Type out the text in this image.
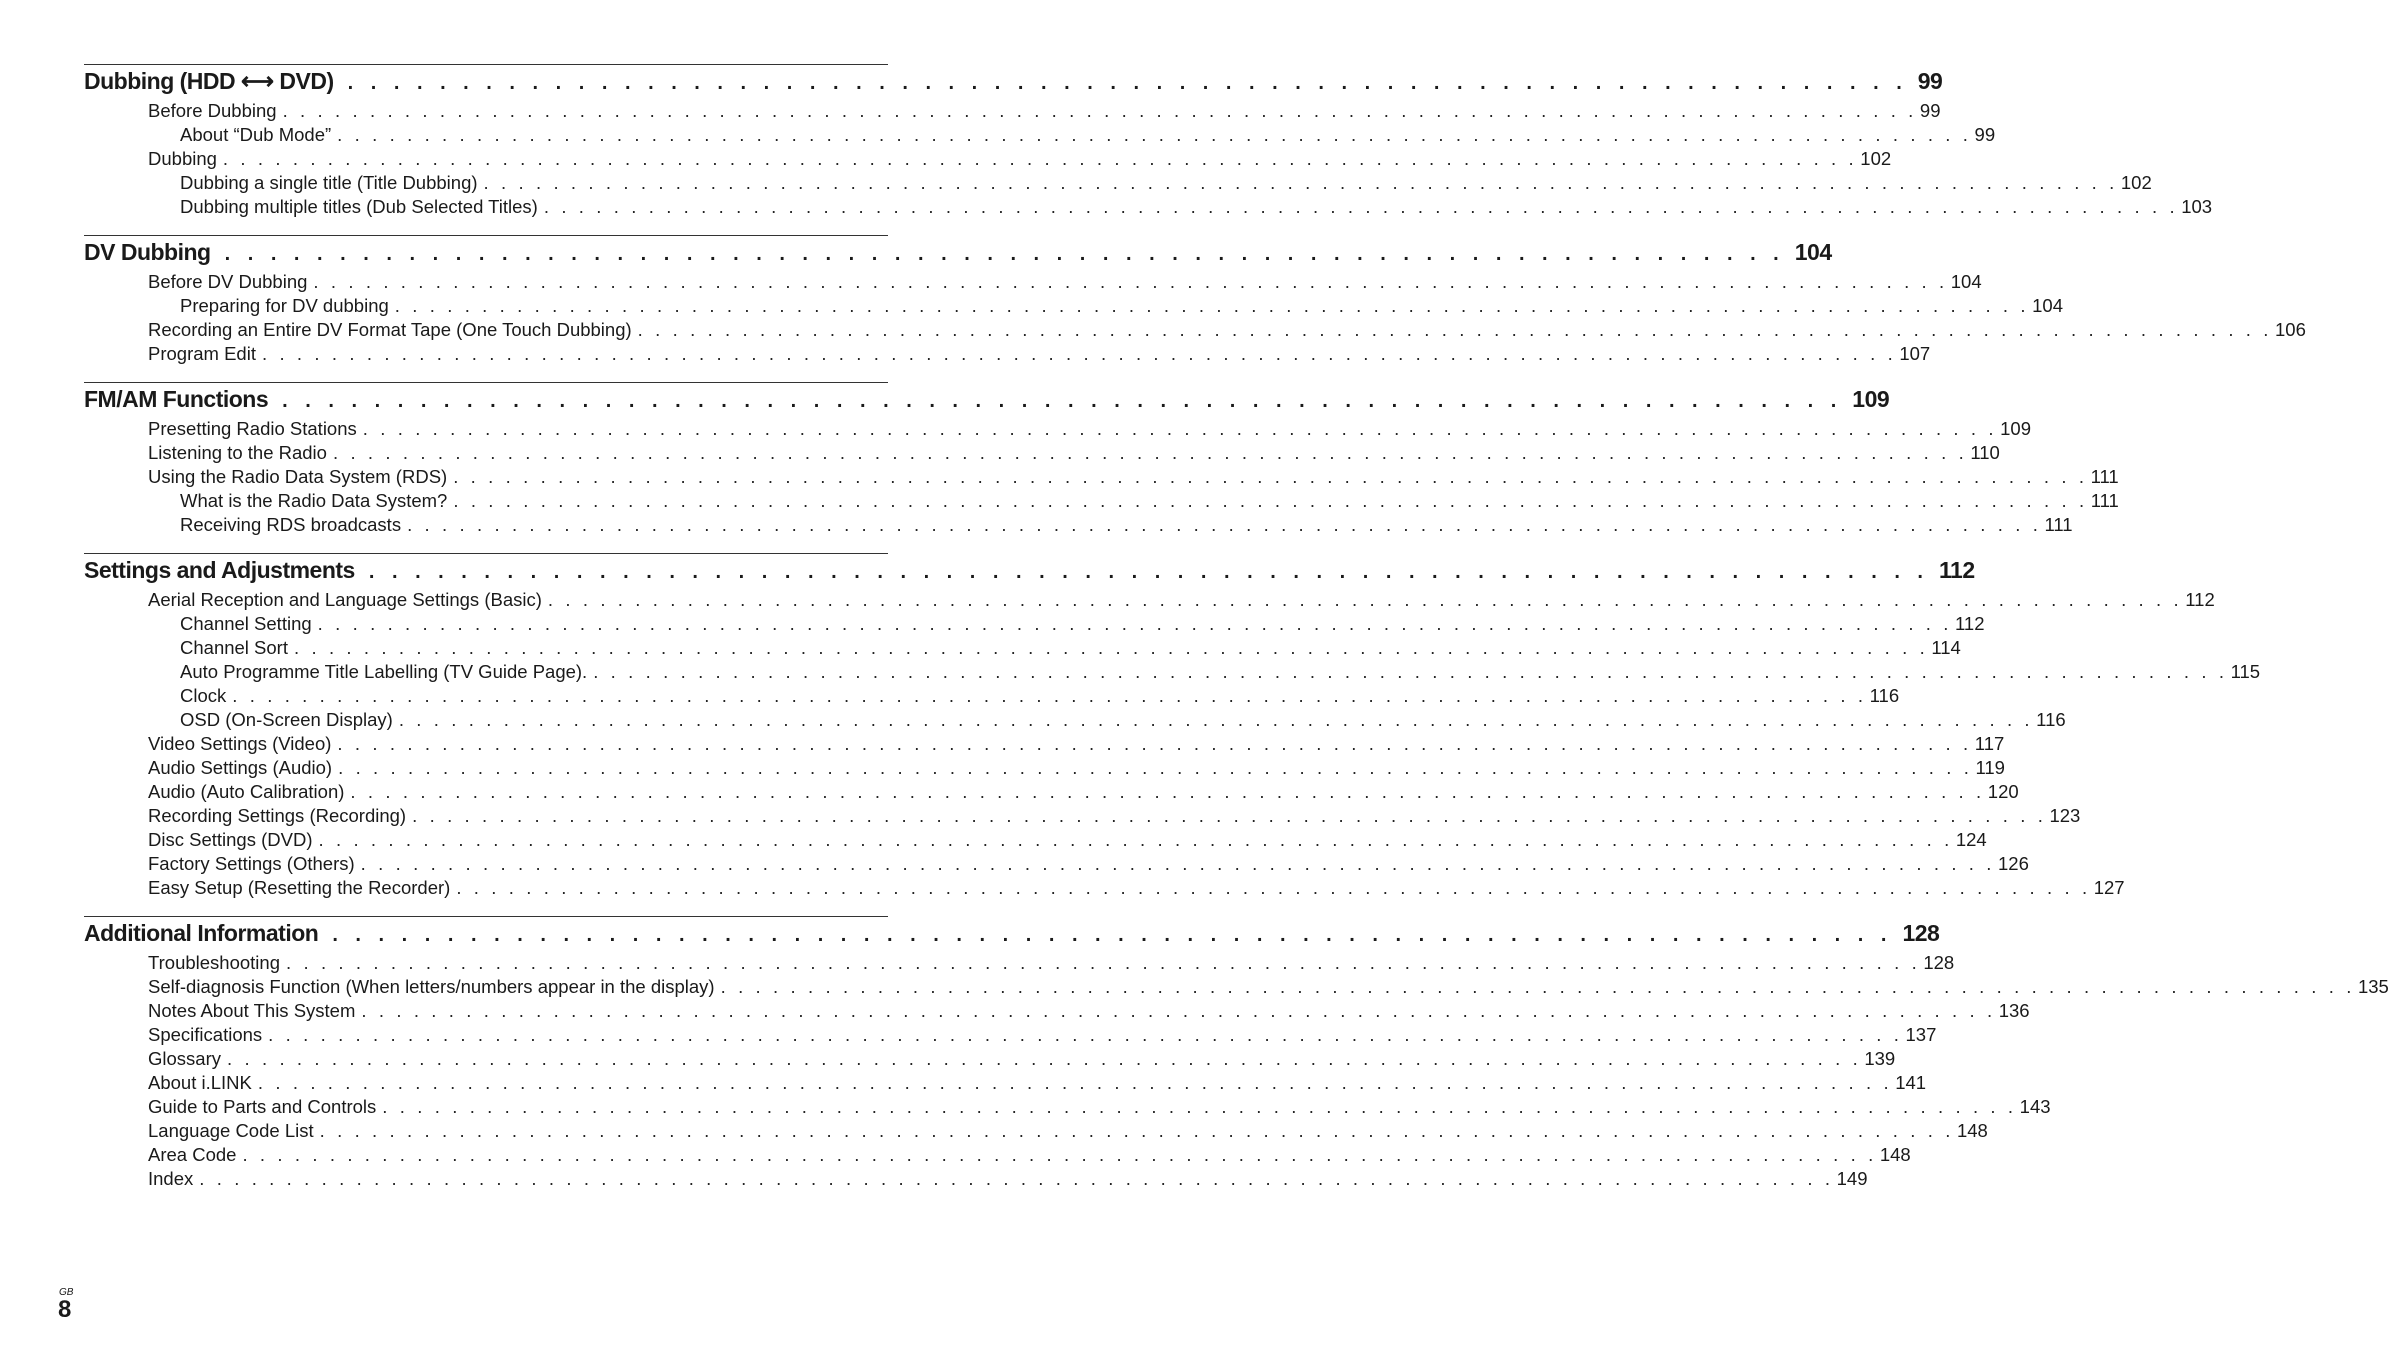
Dubbing (HDD ⟷ DVD) . . . . . . . . . . . . . . . . . . . . . . . . . . . . . . . . . . . . . . . . . . . . . . . . . . . . . . . . . . . . . . . . . . . . 99
Before Dubbing . . . . . . . . . . . . . . . . . . . . . . . . . . . . . . . . . . . . . . . . . . . . . . . . . . . . . . . . . . . . . . . . . . . . . . . . . . . . . . . . . . . . . . . . . . . . . . 99
About “Dub Mode” . . . . . . . . . . . . . . . . . . . . . . . . . . . . . . . . . . . . . . . . . . . . . . . . . . . . . . . . . . . . . . . . . . . . . . . . . . . . . . . . . . . . . . . . . . . . . . 99
Dubbing . . . . . . . . . . . . . . . . . . . . . . . . . . . . . . . . . . . . . . . . . . . . . . . . . . . . . . . . . . . . . . . . . . . . . . . . . . . . . . . . . . . . . . . . . . . . . . 102
Dubbing a single title (Title Dubbing) . . . . . . . . . . . . . . . . . . . . . . . . . . . . . . . . . . . . . . . . . . . . . . . . . . . . . . . . . . . . . . . . . . . . . . . . . . . . . . . . . . . . . . . . . . . . . . 102
Dubbing multiple titles (Dub Selected Titles) . . . . . . . . . . . . . . . . . . . . . . . . . . . . . . . . . . . . . . . . . . . . . . . . . . . . . . . . . . . . . . . . . . . . . . . . . . . . . . . . . . . . . . . . . . . . . . 103
DV Dubbing . . . . . . . . . . . . . . . . . . . . . . . . . . . . . . . . . . . . . . . . . . . . . . . . . . . . . . . . . . . . . . . . . . . . 104
Before DV Dubbing . . . . . . . . . . . . . . . . . . . . . . . . . . . . . . . . . . . . . . . . . . . . . . . . . . . . . . . . . . . . . . . . . . . . . . . . . . . . . . . . . . . . . . . . . . . . . . 104
Preparing for DV dubbing . . . . . . . . . . . . . . . . . . . . . . . . . . . . . . . . . . . . . . . . . . . . . . . . . . . . . . . . . . . . . . . . . . . . . . . . . . . . . . . . . . . . . . . . . . . . . . 104
Recording an Entire DV Format Tape (One Touch Dubbing) . . . . . . . . . . . . . . . . . . . . . . . . . . . . . . . . . . . . . . . . . . . . . . . . . . . . . . . . . . . . . . . . . . . . . . . . . . . . . . . . . . . . . . . . . . . . . . 106
Program Edit . . . . . . . . . . . . . . . . . . . . . . . . . . . . . . . . . . . . . . . . . . . . . . . . . . . . . . . . . . . . . . . . . . . . . . . . . . . . . . . . . . . . . . . . . . . . . . 107
FM/AM Functions . . . . . . . . . . . . . . . . . . . . . . . . . . . . . . . . . . . . . . . . . . . . . . . . . . . . . . . . . . . . . . . . . . . . 109
Presetting Radio Stations . . . . . . . . . . . . . . . . . . . . . . . . . . . . . . . . . . . . . . . . . . . . . . . . . . . . . . . . . . . . . . . . . . . . . . . . . . . . . . . . . . . . . . . . . . . . . . 109
Listening to the Radio . . . . . . . . . . . . . . . . . . . . . . . . . . . . . . . . . . . . . . . . . . . . . . . . . . . . . . . . . . . . . . . . . . . . . . . . . . . . . . . . . . . . . . . . . . . . . . 110
Using the Radio Data System (RDS) . . . . . . . . . . . . . . . . . . . . . . . . . . . . . . . . . . . . . . . . . . . . . . . . . . . . . . . . . . . . . . . . . . . . . . . . . . . . . . . . . . . . . . . . . . . . . . 111
What is the Radio Data System? . . . . . . . . . . . . . . . . . . . . . . . . . . . . . . . . . . . . . . . . . . . . . . . . . . . . . . . . . . . . . . . . . . . . . . . . . . . . . . . . . . . . . . . . . . . . . . 111
Receiving RDS broadcasts . . . . . . . . . . . . . . . . . . . . . . . . . . . . . . . . . . . . . . . . . . . . . . . . . . . . . . . . . . . . . . . . . . . . . . . . . . . . . . . . . . . . . . . . . . . . . . 111
Settings and Adjustments . . . . . . . . . . . . . . . . . . . . . . . . . . . . . . . . . . . . . . . . . . . . . . . . . . . . . . . . . . . . . . . . . . . . 112
Aerial Reception and Language Settings (Basic) . . . . . . . . . . . . . . . . . . . . . . . . . . . . . . . . . . . . . . . . . . . . . . . . . . . . . . . . . . . . . . . . . . . . . . . . . . . . . . . . . . . . . . . . . . . . . . 112
Channel Setting . . . . . . . . . . . . . . . . . . . . . . . . . . . . . . . . . . . . . . . . . . . . . . . . . . . . . . . . . . . . . . . . . . . . . . . . . . . . . . . . . . . . . . . . . . . . . . 112
Channel Sort . . . . . . . . . . . . . . . . . . . . . . . . . . . . . . . . . . . . . . . . . . . . . . . . . . . . . . . . . . . . . . . . . . . . . . . . . . . . . . . . . . . . . . . . . . . . . . 114
Auto Programme Title Labelling (TV Guide Page). . . . . . . . . . . . . . . . . . . . . . . . . . . . . . . . . . . . . . . . . . . . . . . . . . . . . . . . . . . . . . . . . . . . . . . . . . . . . . . . . . . . . . . . . . . . . . . 115
Clock . . . . . . . . . . . . . . . . . . . . . . . . . . . . . . . . . . . . . . . . . . . . . . . . . . . . . . . . . . . . . . . . . . . . . . . . . . . . . . . . . . . . . . . . . . . . . . 116
OSD (On-Screen Display) . . . . . . . . . . . . . . . . . . . . . . . . . . . . . . . . . . . . . . . . . . . . . . . . . . . . . . . . . . . . . . . . . . . . . . . . . . . . . . . . . . . . . . . . . . . . . . 116
Video Settings (Video) . . . . . . . . . . . . . . . . . . . . . . . . . . . . . . . . . . . . . . . . . . . . . . . . . . . . . . . . . . . . . . . . . . . . . . . . . . . . . . . . . . . . . . . . . . . . . . 117
Audio Settings (Audio) . . . . . . . . . . . . . . . . . . . . . . . . . . . . . . . . . . . . . . . . . . . . . . . . . . . . . . . . . . . . . . . . . . . . . . . . . . . . . . . . . . . . . . . . . . . . . . 119
Audio (Auto Calibration) . . . . . . . . . . . . . . . . . . . . . . . . . . . . . . . . . . . . . . . . . . . . . . . . . . . . . . . . . . . . . . . . . . . . . . . . . . . . . . . . . . . . . . . . . . . . . . 120
Recording Settings (Recording) . . . . . . . . . . . . . . . . . . . . . . . . . . . . . . . . . . . . . . . . . . . . . . . . . . . . . . . . . . . . . . . . . . . . . . . . . . . . . . . . . . . . . . . . . . . . . . 123
Disc Settings (DVD) . . . . . . . . . . . . . . . . . . . . . . . . . . . . . . . . . . . . . . . . . . . . . . . . . . . . . . . . . . . . . . . . . . . . . . . . . . . . . . . . . . . . . . . . . . . . . . 124
Factory Settings (Others) . . . . . . . . . . . . . . . . . . . . . . . . . . . . . . . . . . . . . . . . . . . . . . . . . . . . . . . . . . . . . . . . . . . . . . . . . . . . . . . . . . . . . . . . . . . . . . 126
Easy Setup (Resetting the Recorder) . . . . . . . . . . . . . . . . . . . . . . . . . . . . . . . . . . . . . . . . . . . . . . . . . . . . . . . . . . . . . . . . . . . . . . . . . . . . . . . . . . . . . . . . . . . . . . 127
Additional Information . . . . . . . . . . . . . . . . . . . . . . . . . . . . . . . . . . . . . . . . . . . . . . . . . . . . . . . . . . . . . . . . . . . . 128
Troubleshooting . . . . . . . . . . . . . . . . . . . . . . . . . . . . . . . . . . . . . . . . . . . . . . . . . . . . . . . . . . . . . . . . . . . . . . . . . . . . . . . . . . . . . . . . . . . . . . 128
Self-diagnosis Function (When letters/numbers appear in the display) . . . . . . . . . . . . . . . . . . . . . . . . . . . . . . . . . . . . . . . . . . . . . . . . . . . . . . . . . . . . . . . . . . . . . . . . . . . . . . . . . . . . . . . . . . . . . . 135
Notes About This System . . . . . . . . . . . . . . . . . . . . . . . . . . . . . . . . . . . . . . . . . . . . . . . . . . . . . . . . . . . . . . . . . . . . . . . . . . . . . . . . . . . . . . . . . . . . . . 136
Specifications . . . . . . . . . . . . . . . . . . . . . . . . . . . . . . . . . . . . . . . . . . . . . . . . . . . . . . . . . . . . . . . . . . . . . . . . . . . . . . . . . . . . . . . . . . . . . . 137
Glossary . . . . . . . . . . . . . . . . . . . . . . . . . . . . . . . . . . . . . . . . . . . . . . . . . . . . . . . . . . . . . . . . . . . . . . . . . . . . . . . . . . . . . . . . . . . . . . 139
About i.LINK . . . . . . . . . . . . . . . . . . . . . . . . . . . . . . . . . . . . . . . . . . . . . . . . . . . . . . . . . . . . . . . . . . . . . . . . . . . . . . . . . . . . . . . . . . . . . . 141
Guide to Parts and Controls . . . . . . . . . . . . . . . . . . . . . . . . . . . . . . . . . . . . . . . . . . . . . . . . . . . . . . . . . . . . . . . . . . . . . . . . . . . . . . . . . . . . . . . . . . . . . . 143
Language Code List . . . . . . . . . . . . . . . . . . . . . . . . . . . . . . . . . . . . . . . . . . . . . . . . . . . . . . . . . . . . . . . . . . . . . . . . . . . . . . . . . . . . . . . . . . . . . . 148
Area Code . . . . . . . . . . . . . . . . . . . . . . . . . . . . . . . . . . . . . . . . . . . . . . . . . . . . . . . . . . . . . . . . . . . . . . . . . . . . . . . . . . . . . . . . . . . . . . 148
Index . . . . . . . . . . . . . . . . . . . . . . . . . . . . . . . . . . . . . . . . . . . . . . . . . . . . . . . . . . . . . . . . . . . . . . . . . . . . . . . . . . . . . . . . . . . . . . 149
GB
8
